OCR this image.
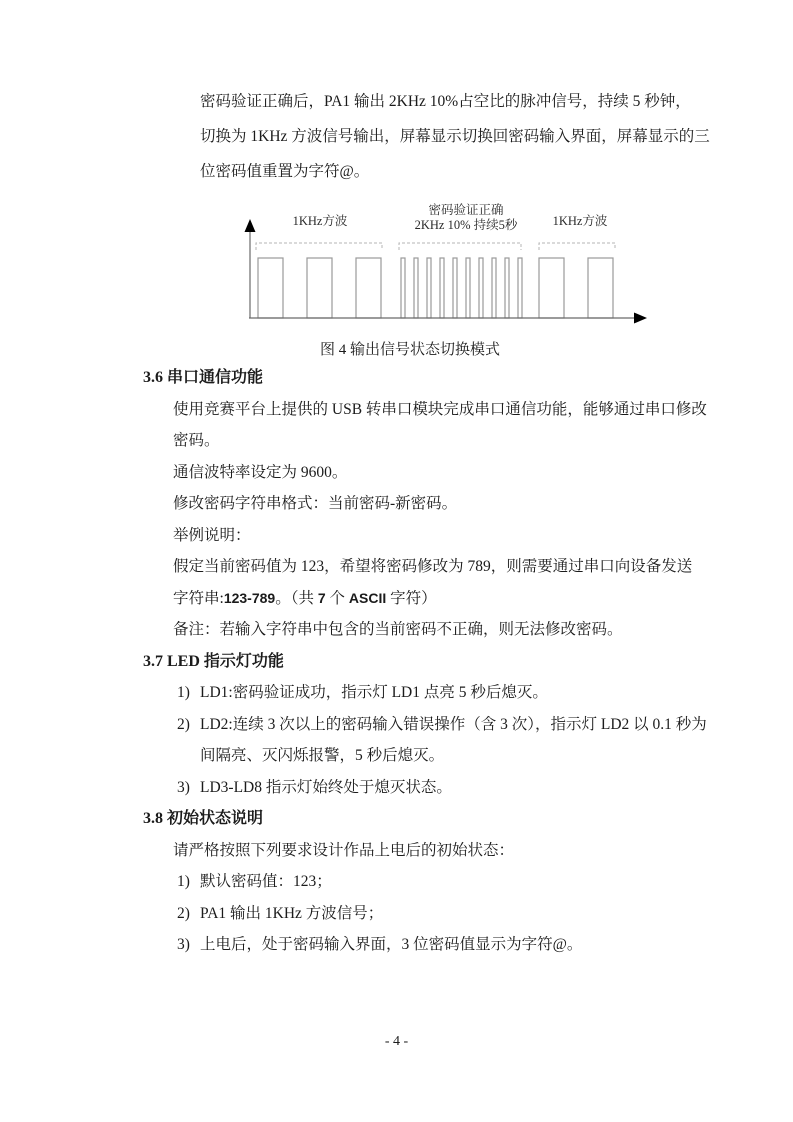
密码验证正确后，PA1 输出 2KHz 10%占空比的脉冲信号，持续 5 秒钟，
切换为 1KHz 方波信号输出，屏幕显示切换回密码输入界面，屏幕显示的三
位密码值重置为字符@。
1KHz方波
密码验证正确
2KHz 10% 持续5秒	1KHz方波
图 4 输出信号状态切换模式
3.6 串口通信功能
使用竞赛平台上提供的 USB 转串口模块完成串口通信功能，能够通过串口修改
密码。
通信波特率设定为 9600。
修改密码字符串格式：当前密码-新密码。
举例说明：
假定当前密码值为 123，希望将密码修改为 789，则需要通过串口向设备发送
字符串:123-789。（共 7 个 ASCII 字符）
备注：若输入字符串中包含的当前密码不正确，则无法修改密码。
3.7 LED 指示灯功能
1) LD1:密码验证成功，指示灯 LD1 点亮 5 秒后熄灭。
2) LD2:连续 3 次以上的密码输入错误操作（含 3 次），指示灯 LD2 以 0.1 秒为
间隔亮、灭闪烁报警，5 秒后熄灭。
3) LD3-LD8 指示灯始终处于熄灭状态。
3.8 初始状态说明
请严格按照下列要求设计作品上电后的初始状态：
1) 默认密码值：123；
2) PA1 输出 1KHz 方波信号；
3) 上电后，处于密码输入界面，3 位密码值显示为字符@。
- 4 -
